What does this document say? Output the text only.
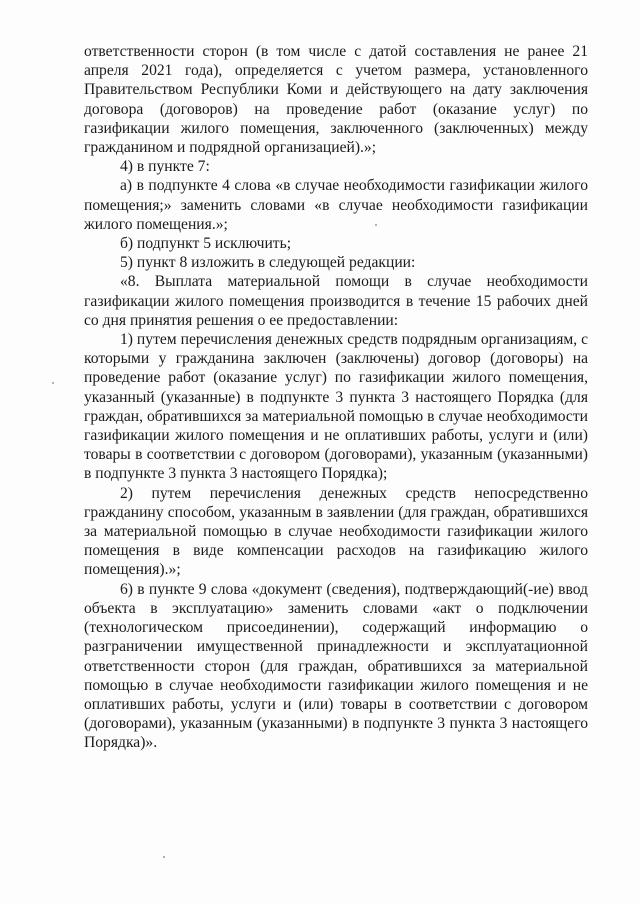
ответственности сторон (в том числе с датой составления не ранее 21 апреля 2021 года), определяется с учетом размера, установленного Правительством Республики Коми и действующего на дату заключения договора (договоров) на проведение работ (оказание услуг) по газификации жилого помещения, заключенного (заключенных) между гражданином и подрядной организацией).»;

4) в пункте 7:

а) в подпункте 4 слова «в случае необходимости газификации жилого помещения;» заменить словами «в случае необходимости газификации жилого помещения.»;

б) подпункт 5 исключить;

5) пункт 8 изложить в следующей редакции:

«8. Выплата материальной помощи в случае необходимости газификации жилого помещения производится в течение 15 рабочих дней со дня принятия решения о ее предоставлении:

1) путем перечисления денежных средств подрядным организациям, с которыми у гражданина заключен (заключены) договор (договоры) на проведение работ (оказание услуг) по газификации жилого помещения, указанный (указанные) в подпункте 3 пункта 3 настоящего Порядка (для граждан, обратившихся за материальной помощью в случае необходимости газификации жилого помещения и не оплативших работы, услуги и (или) товары в соответствии с договором (договорами), указанным (указанными) в подпункте 3 пункта 3 настоящего Порядка);

2) путем перечисления денежных средств непосредственно гражданину способом, указанным в заявлении (для граждан, обратившихся за материальной помощью в случае необходимости газификации жилого помещения в виде компенсации расходов на газификацию жилого помещения).»;

6) в пункте 9 слова «документ (сведения), подтверждающий(-ие) ввод объекта в эксплуатацию» заменить словами «акт о подключении (технологическом присоединении), содержащий информацию о разграничении имущественной принадлежности и эксплуатационной ответственности сторон (для граждан, обратившихся за материальной помощью в случае необходимости газификации жилого помещения и не оплативших работы, услуги и (или) товары в соответствии с договором (договорами), указанным (указанными) в подпункте 3 пункта 3 настоящего Порядка)».
